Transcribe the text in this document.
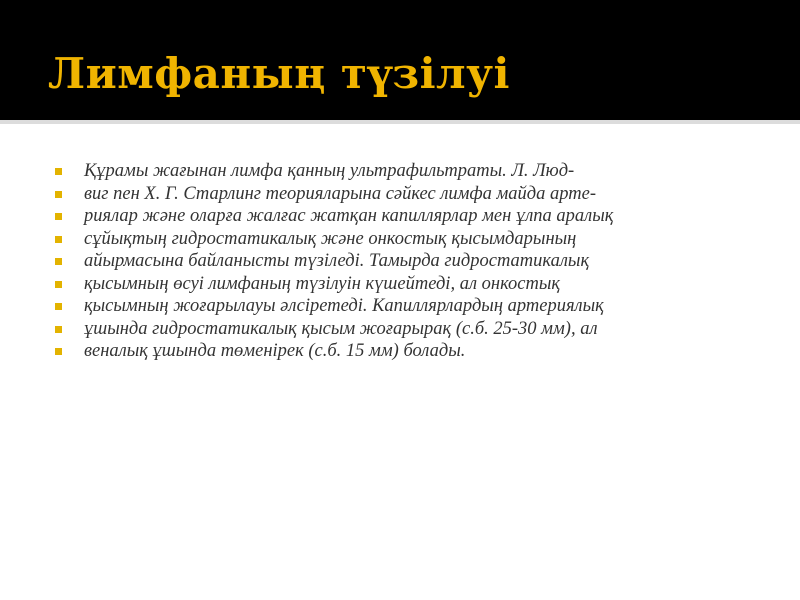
Лимфаның түзілуі
Құрамы жағынан лимфа қанның ультрафильтраты. Л. Люд-
виг пен Х. Г. Старлинг теорияларына сәйкес лимфа майда арте-
риялар және оларға жалғас жатқан капиллярлар мен ұлпа аралық
сұйықтың гидростатикалық және онкостық қысымдарының
айырмасына байланысты түзіледі. Тамырда гидростатикалық
қысымның өсуі лимфаның түзілуін күшейтеді, ал онкостық
қысымның жоғарылауы әлсіретеді. Капиллярлардың артериялық
ұшында гидростатикалық қысым жоғарырақ (с.б. 25-30 мм), ал
веналық ұшында төменірек (с.б. 15 мм) болады.
